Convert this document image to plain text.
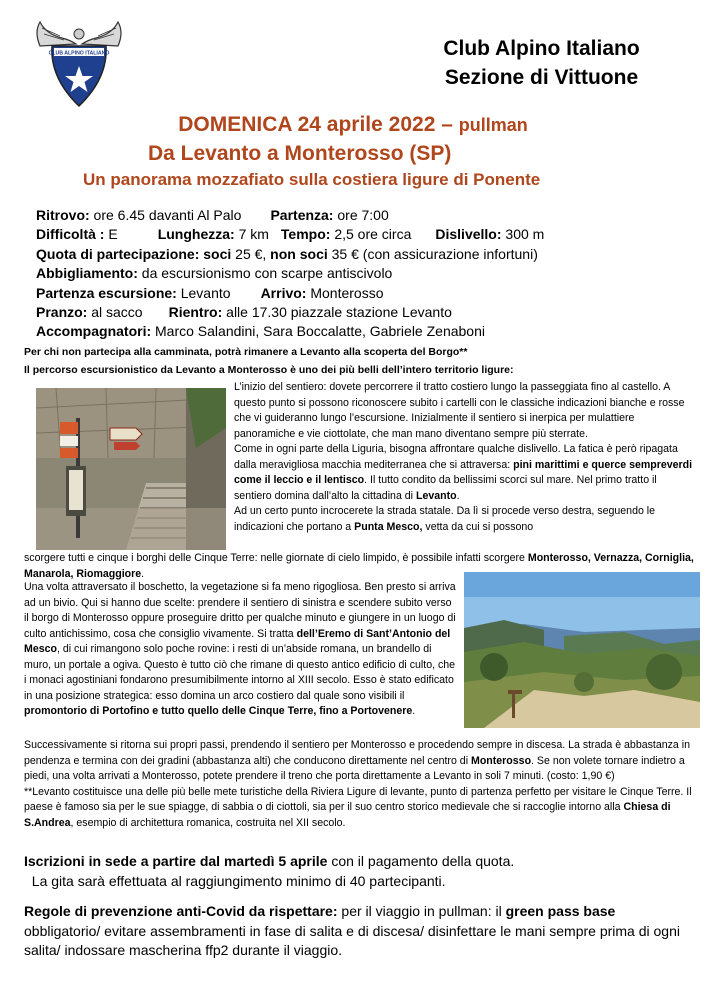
CLUB ALPINO ITALIANO	Club Alpino Italiano
Sezione di Vittuone
DOMENICA 24 aprile 2022 – pullman
Da Levanto a Monterosso (SP)
Un panorama mozzafiato sulla costiera ligure di Ponente
Ritrovo: ore 6.45 davanti Al Palo Partenza: ore 7:00
Difficoltà : E	Lunghezza: 7 km Tempo: 2,5 ore circa Dislivello: 300 m
Quota di partecipazione: soci 25 €, non soci 35 € (con assicurazione infortuni)
Abbigliamento: da escursionismo con scarpe antiscivolo
Partenza escursione: Levanto Arrivo: Monterosso
Pranzo: al sacco Rientro: alle 17.30 piazzale stazione Levanto
Accompagnatori: Marco Salandini, Sara Boccalatte, Gabriele Zenaboni
Per chi non partecipa alla camminata, potrà rimanere a Levanto alla scoperta del Borgo**
Il percorso escursionistico da Levanto a Monterosso è uno dei più belli dell’intero territorio ligure:
L’inizio del sentiero: dovete percorrere il tratto costiero lungo la passeggiata fino al castello. A questo punto si possono riconoscere subito i cartelli con le classiche indicazioni bianche e rosse che vi guideranno lungo l’escursione. Inizialmente il sentiero si inerpica per mulattiere panoramiche e vie ciottolate, che man mano diventano sempre più sterrate.
Come in ogni parte della Liguria, bisogna affrontare qualche dislivello. La fatica è però ripagata dalla meravigliosa macchia mediterranea che si attraversa: pini marittimi e querce sempreverdi come il leccio e il lentisco. Il tutto condito da bellissimi scorci sul mare. Nel primo tratto il sentiero domina dall’alto la cittadina di Levanto.
Ad un certo punto incrocerete la strada statale. Da lì si procede verso destra, seguendo le indicazioni che portano a Punta Mesco, vetta da cui si possono
scorgere tutti e cinque i borghi delle Cinque Terre: nelle giornate di cielo limpido, è possibile infatti scorgere Monterosso, Vernazza, Corniglia, Manarola, Riomaggiore.
Una volta attraversato il boschetto, la vegetazione si fa meno rigogliosa. Ben presto si arriva ad un bivio. Qui si hanno due scelte: prendere il sentiero di sinistra e scendere subito verso il borgo di Monterosso oppure proseguire dritto per qualche minuto e giungere in un luogo di culto antichissimo, cosa che consiglio vivamente. Si tratta dell’Eremo di Sant’Antonio del Mesco, di cui rimangono solo poche rovine: i resti di un’abside romana, un brandello di muro, un portale a ogiva. Questo è tutto ciò che rimane di questo antico edificio di culto, che i monaci agostiniani fondarono presumibilmente intorno al XIII secolo. Esso è stato edificato in una posizione strategica: esso domina un arco costiero dal quale sono visibili il promontorio di Portofino e tutto quello delle Cinque Terre, fino a Portovenere.
Successivamente si ritorna sui propri passi, prendendo il sentiero per Monterosso e procedendo sempre in discesa. La strada è abbastanza in pendenza e termina con dei gradini (abbastanza alti) che conducono direttamente nel centro di Monterosso. Se non volete tornare indietro a piedi, una volta arrivati a Monterosso, potete prendere il treno che porta direttamente a Levanto in soli 7 minuti. (costo: 1,90 €)
**Levanto costituisce una delle più belle mete turistiche della Riviera Ligure di levante, punto di partenza perfetto per visitare le Cinque Terre. Il paese è famoso sia per le sue spiagge, di sabbia o di ciottoli, sia per il suo centro storico medievale che si raccoglie intorno alla Chiesa di S.Andrea, esempio di architettura romanica, costruita nel XII secolo.
Iscrizioni in sede a partire dal martedì 5 aprile con il pagamento della quota.
La gita sarà effettuata al raggiungimento minimo di 40 partecipanti.
Regole di prevenzione anti-Covid da rispettare: per il viaggio in pullman: il green pass base obbligatorio/ evitare assembramenti in fase di salita e di discesa/ disinfettare le mani sempre prima di ogni salita/ indossare mascherina ffp2 durante il viaggio.
